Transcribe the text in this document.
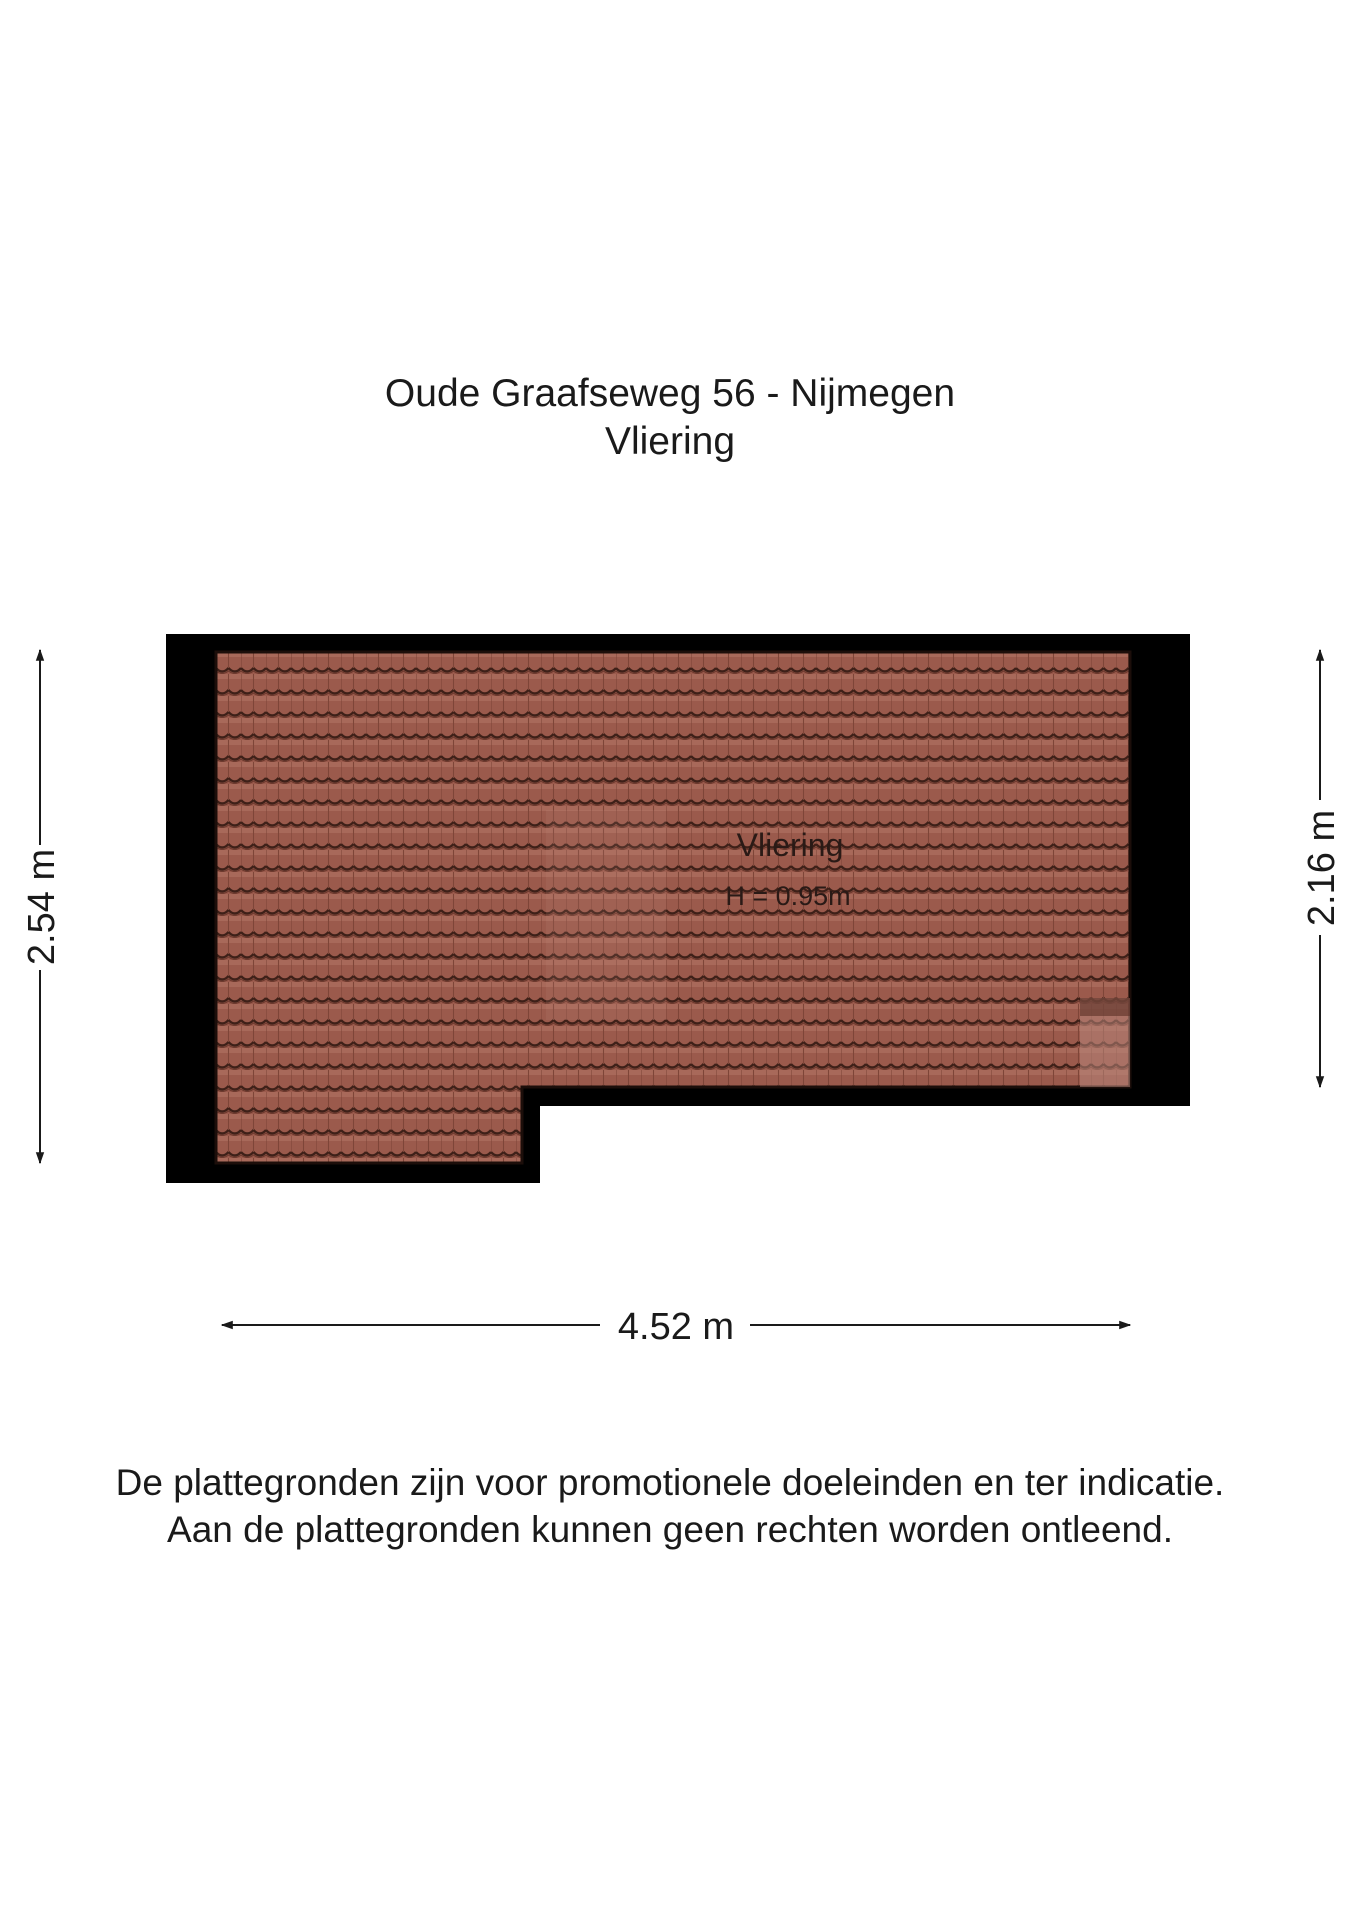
Oude Graafseweg 56 - Nijmegen
Vliering
Vliering
H = 0.95m
2.54 m	2.16 m
4.52 m
De plattegronden zijn voor promotionele doeleinden en ter indicatie.
Aan de plattegronden kunnen geen rechten worden ontleend.
